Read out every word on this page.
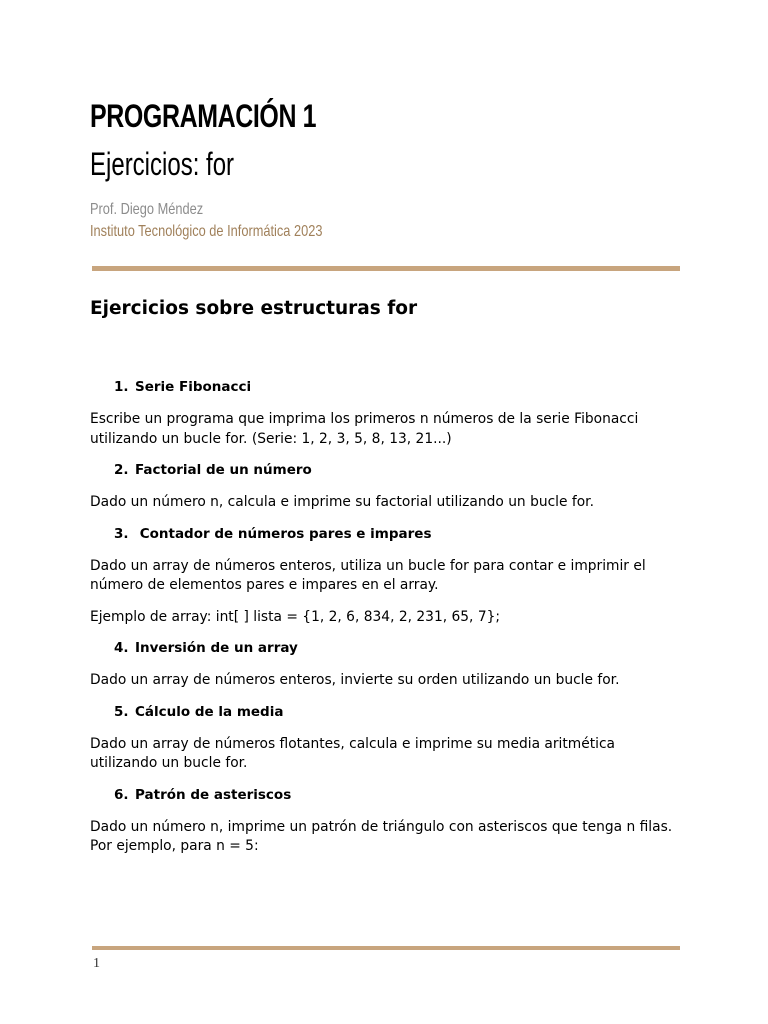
PROGRAMACIÓN 1
Ejercicios: for
Prof. Diego Méndez
Instituto Tecnológico de Informática 2023
Ejercicios sobre estructuras for
1. Serie Fibonacci

Escribe un programa que imprima los primeros n números de la serie Fibonacci utilizando un bucle for. (Serie: 1, 2, 3, 5, 8, 13, 21...)

2. Factorial de un número

Dado un número n, calcula e imprime su factorial utilizando un bucle for.

3. Contador de números pares e impares

Dado un array de números enteros, utiliza un bucle for para contar e imprimir el número de elementos pares e impares en el array.

Ejemplo de array: int[ ] lista = {1, 2, 6, 834, 2, 231, 65, 7};

4. Inversión de un array

Dado un array de números enteros, invierte su orden utilizando un bucle for.

5. Cálculo de la media

Dado un array de números flotantes, calcula e imprime su media aritmética utilizando un bucle for.

6. Patrón de asteriscos

Dado un número n, imprime un patrón de triángulo con asteriscos que tenga n filas. Por ejemplo, para n = 5:

1
